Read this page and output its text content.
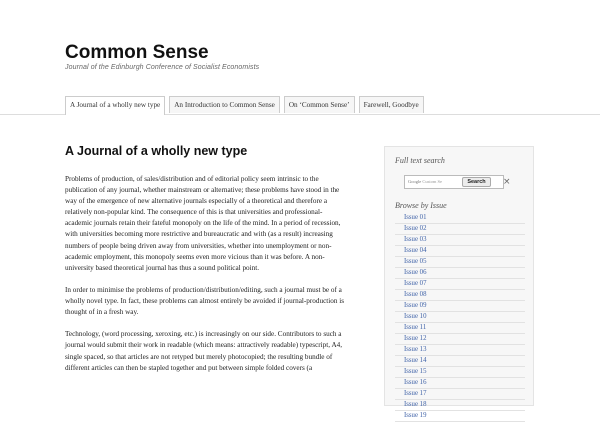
Common Sense
Journal of the Edinburgh Conference of Socialist Economists
A Journal of a wholly new type	An Introduction to Common Sense	On ‘Common Sense’	Farewell, Goodbye
A Journal of a wholly new type

Problems of production, of sales/distribution and of editorial policy seem intrinsic to the publication of any journal, whether mainstream or alternative; these problems have stood in the way of the emergence of new alternative journals especially of a theoretical and therefore a relatively non-popular kind. The consequence of this is that universities and professional-academic journals retain their fateful monopoly on the life of the mind. In a period of recession, with universities becoming more restrictive and bureaucratic and with (as a result) increasing numbers of people being driven away from universities, whether into unemployment or non-academic employment, this monopoly seems even more vicious than it was before. A non-university based theoretical journal has thus a sound political point.

In order to minimise the problems of production/distribution/editing, such a journal must be of a wholly novel type. In fact, these problems can almost entirely be avoided if journal-production is thought of in a fresh way.

Technology, (word processing, xeroxing, etc.) is increasingly on our side. Contributors to such a journal would submit their work in readable (which means: attractively readable) typescript, A4, single spaced, so that articles are not retyped but merely photocopied; the resulting bundle of different articles can then be stapled together and put between simple folded covers (a

Full text search
Google Custom Se	Search	×
Browse by Issue
Issue 01
Issue 02
Issue 03
Issue 04
Issue 05
Issue 06
Issue 07
Issue 08
Issue 09
Issue 10
Issue 11
Issue 12
Issue 13
Issue 14
Issue 15
Issue 16
Issue 17
Issue 18
Issue 19
